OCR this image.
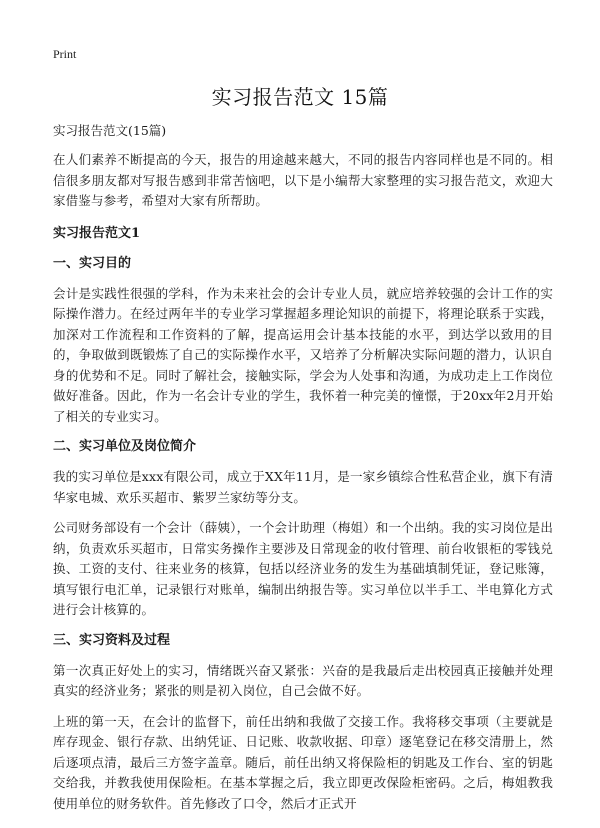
Print
实习报告范文 15篇
实习报告范文(15篇)

在人们素养不断提高的今天，报告的用途越来越大，不同的报告内容同样也是不同的。相信很多朋友都对写报告感到非常苦恼吧，以下是小编帮大家整理的实习报告范文，欢迎大家借鉴与参考，希望对大家有所帮助。

实习报告范文1
一、实习目的

会计是实践性很强的学科，作为未来社会的会计专业人员，就应培养较强的会计工作的实际操作潜力。在经过两年半的专业学习掌握超多理论知识的前提下，将理论联系于实践，加深对工作流程和工作资料的了解，提高运用会计基本技能的水平，到达学以致用的目的，争取做到既锻炼了自己的实际操作水平，又培养了分析解决实际问题的潜力，认识自身的优势和不足。同时了解社会，接触实际，学会为人处事和沟通，为成功走上工作岗位做好准备。因此，作为一名会计专业的学生，我怀着一种完美的憧憬，于20xx年2月开始了相关的专业实习。

二、实习单位及岗位简介

我的实习单位是xxx有限公司，成立于XX年11月，是一家乡镇综合性私营企业，旗下有清华家电城、欢乐买超市、紫罗兰家纺等分支。

公司财务部设有一个会计（薛姨），一个会计助理（梅姐）和一个出纳。我的实习岗位是出纳，负责欢乐买超市，日常实务操作主要涉及日常现金的收付管理、前台收银柜的零钱兑换、工资的支付、往来业务的核算，包括以经济业务的发生为基础填制凭证，登记账簿，填写银行电汇单，记录银行对账单，编制出纳报告等。实习单位以半手工、半电算化方式进行会计核算的。

三、实习资料及过程

第一次真正好处上的实习，情绪既兴奋又紧张：兴奋的是我最后走出校园真正接触并处理真实的经济业务；紧张的则是初入岗位，自己会做不好。

上班的第一天，在会计的监督下，前任出纳和我做了交接工作。我将移交事项（主要就是库存现金、银行存款、出纳凭证、日记账、收款收据、印章）逐笔登记在移交清册上，然后逐项点清，最后三方签字盖章。随后，前任出纳又将保险柜的钥匙及工作台、室的钥匙交给我，并教我使用保险柜。在基本掌握之后，我立即更改保险柜密码。之后，梅姐教我使用单位的财务软件。首先修改了口令，然后才正式开
